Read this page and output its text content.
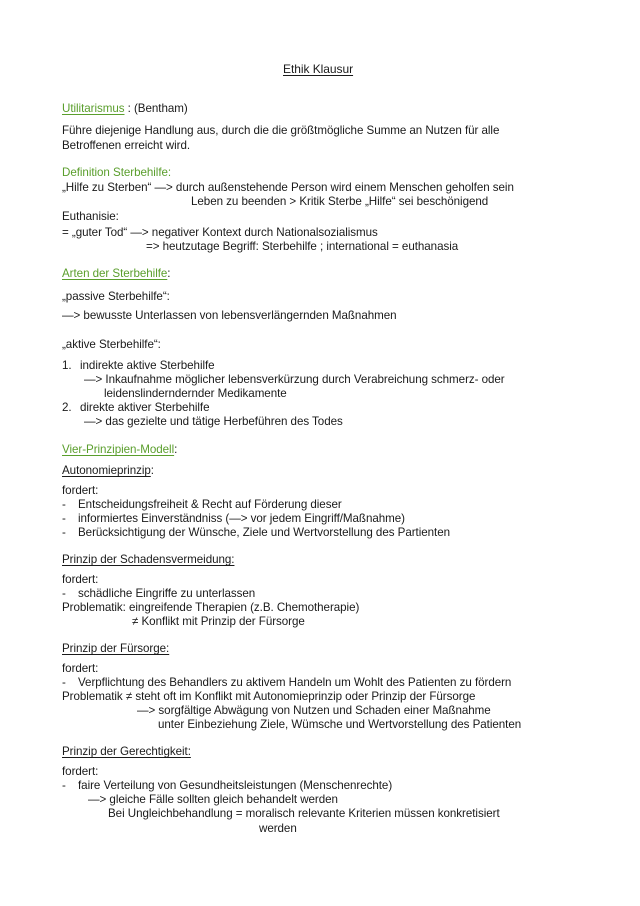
Ethik Klausur
Utilitarismus : (Bentham)
Führe diejenige Handlung aus, durch die die größtmögliche Summe an Nutzen für alle
Betroffenen erreicht wird.
Definition Sterbehilfe:
„Hilfe zu Sterben“ —> durch außenstehende Person wird einem Menschen geholfen sein
Leben zu beenden > Kritik Sterbe „Hilfe“ sei beschönigend
Euthanisie:
= „guter Tod“ —> negativer Kontext durch Nationalsozialismus
=> heutzutage Begriff: Sterbehilfe ; international = euthanasia
Arten der Sterbehilfe:
„passive Sterbehilfe“:
—> bewusste Unterlassen von lebensverlängernden Maßnahmen
„aktive Sterbehilfe“:
1. indirekte aktive Sterbehilfe
—> Inkaufnahme möglicher lebensverkürzung durch Verabreichung schmerz- oder
leidenslinderndernder Medikamente
2. direkte aktiver Sterbehilfe
—> das gezielte und tätige Herbeführen des Todes
Vier-Prinzipien-Modell:
Autonomieprinzip:
fordert:
- Entscheidungsfreiheit & Recht auf Förderung dieser
- informiertes Einverständniss (—> vor jedem Eingriff/Maßnahme)
- Berücksichtigung der Wünsche, Ziele und Wertvorstellung des Partienten
Prinzip der Schadensvermeidung:
fordert:
- schädliche Eingriffe zu unterlassen
Problematik: eingreifende Therapien (z.B. Chemotherapie)
≠ Konflikt mit Prinzip der Fürsorge
Prinzip der Fürsorge:
fordert:
- Verpflichtung des Behandlers zu aktivem Handeln um Wohlt des Patienten zu fördern
Problematik ≠ steht oft im Konflikt mit Autonomieprinzip oder Prinzip der Fürsorge
—> sorgfältige Abwägung von Nutzen und Schaden einer Maßnahme
unter Einbeziehung Ziele, Wümsche und Wertvorstellung des Patienten
Prinzip der Gerechtigkeit:
fordert:
- faire Verteilung von Gesundheitsleistungen (Menschenrechte)
—> gleiche Fälle sollten gleich behandelt werden
Bei Ungleichbehandlung = moralisch relevante Kriterien müssen konkretisiert
werden
